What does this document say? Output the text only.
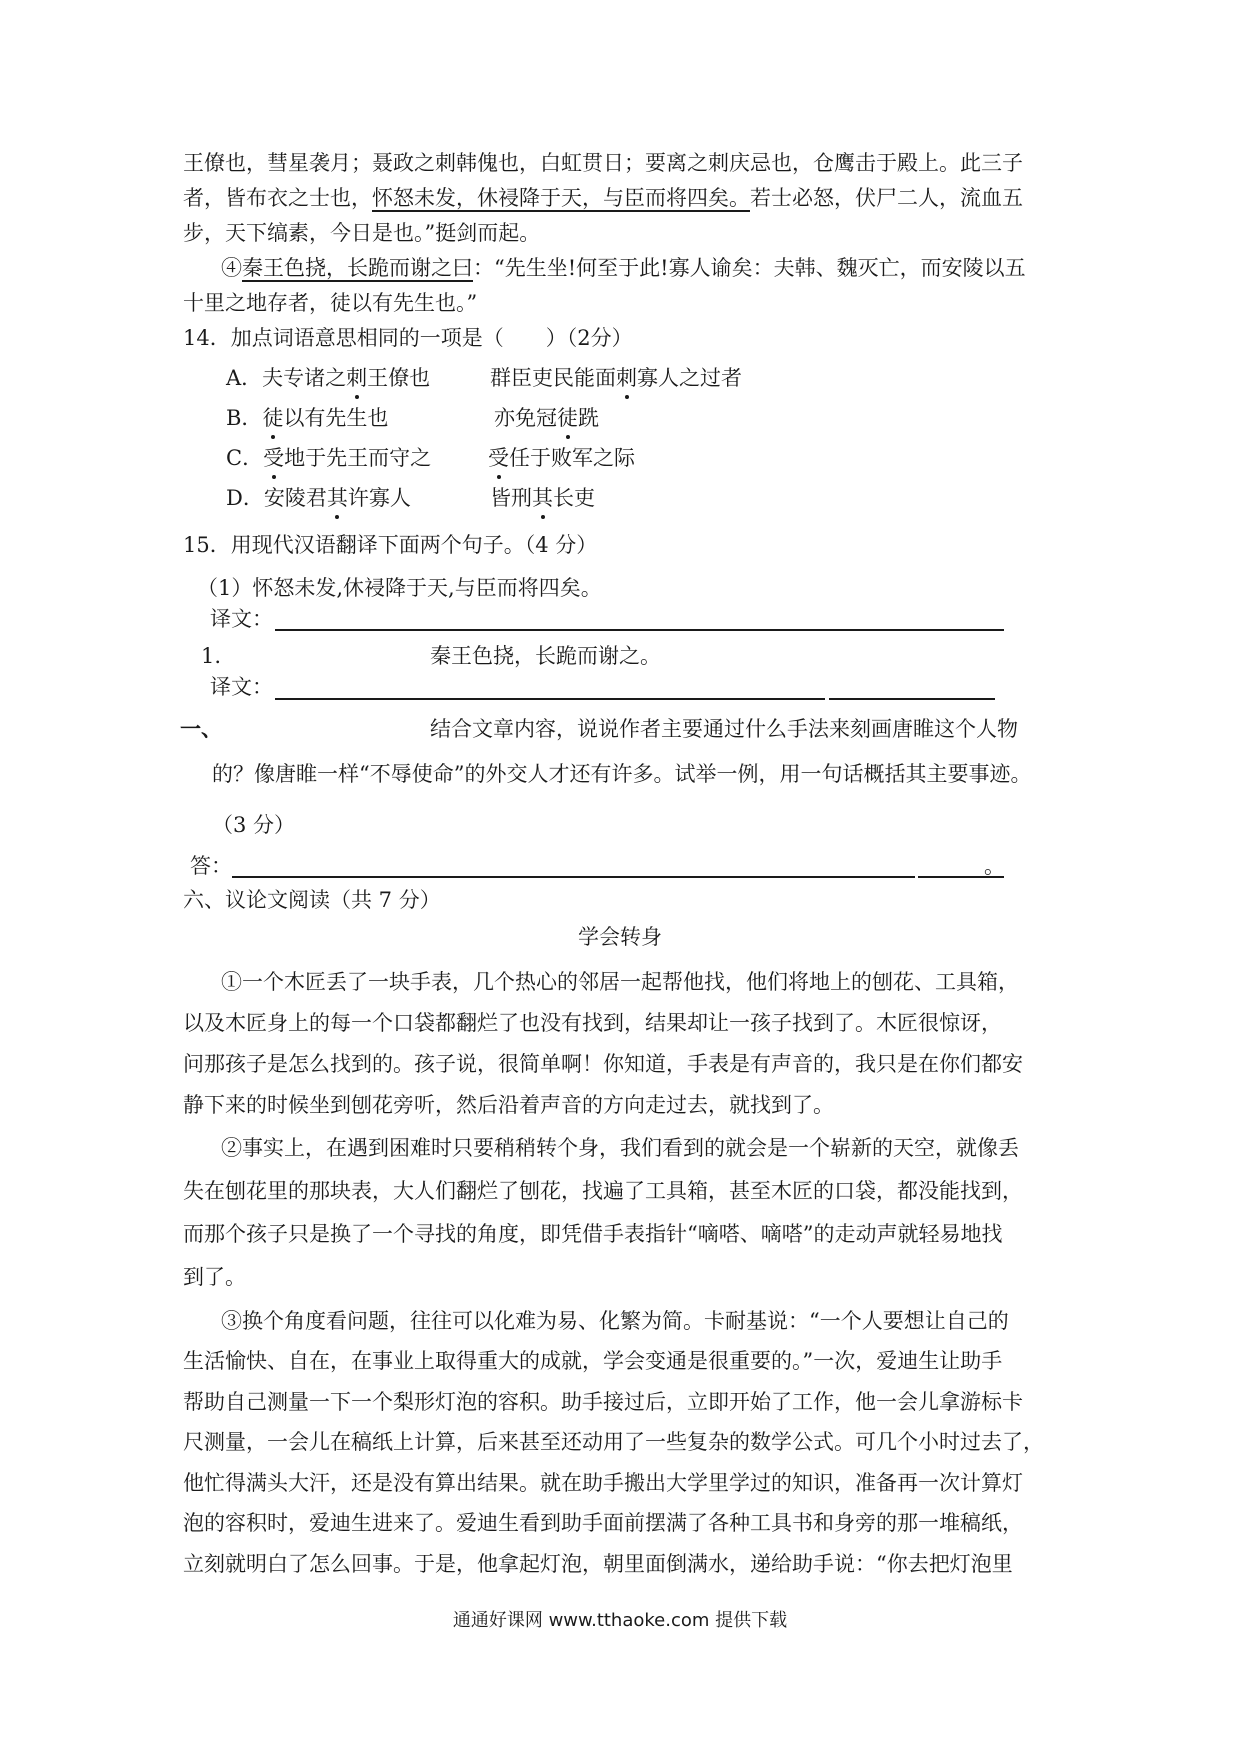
王僚也，彗星袭月；聂政之刺韩傀也，白虹贯日；要离之刺庆忌也，仓鹰击于殿上。此三子
者，皆布衣之士也，怀怒未发，休祲降于天，与臣而将四矣。若士必怒，伏尸二人，流血五
步，天下缟素，今日是也。”挺剑而起。
④秦王色挠，长跪而谢之曰：“先生坐!何至于此!寡人谕矣：夫韩、魏灭亡，而安陵以五
十里之地存者，徒以有先生也。”
14．加点词语意思相同的一项是（　　）（2分）
A．夫专诸之刺王僚也	群臣吏民能面刺寡人之过者
B．徒以有先生也	亦免冠徒跣
C．受地于先王而守之	受任于败军之际
D．安陵君其许寡人	皆刑其长吏
15．用现代汉语翻译下面两个句子。（4 分）
（1）怀怒未发,休祲降于天,与臣而将四矣。
译文：
1.	秦王色挠，长跪而谢之。
译文：
一、	结合文章内容，说说作者主要通过什么手法来刻画唐睢这个人物
的？像唐睢一样“不辱使命”的外交人才还有许多。试举一例，用一句话概括其主要事迹。
（3 分）
答：	。
六、议论文阅读（共 7 分）
学会转身
①一个木匠丢了一块手表，几个热心的邻居一起帮他找，他们将地上的刨花、工具箱，
以及木匠身上的每一个口袋都翻烂了也没有找到，结果却让一孩子找到了。木匠很惊讶，
问那孩子是怎么找到的。孩子说，很简单啊！你知道，手表是有声音的，我只是在你们都安
静下来的时候坐到刨花旁听，然后沿着声音的方向走过去，就找到了。
②事实上，在遇到困难时只要稍稍转个身，我们看到的就会是一个崭新的天空，就像丢
失在刨花里的那块表，大人们翻烂了刨花，找遍了工具箱，甚至木匠的口袋，都没能找到，
而那个孩子只是换了一个寻找的角度，即凭借手表指针“嘀嗒、嘀嗒”的走动声就轻易地找
到了。
③换个角度看问题，往往可以化难为易、化繁为简。卡耐基说：“一个人要想让自己的
生活愉快、自在，在事业上取得重大的成就，学会变通是很重要的。”一次，爱迪生让助手
帮助自己测量一下一个梨形灯泡的容积。助手接过后，立即开始了工作，他一会儿拿游标卡
尺测量，一会儿在稿纸上计算，后来甚至还动用了一些复杂的数学公式。可几个小时过去了，
他忙得满头大汗，还是没有算出结果。就在助手搬出大学里学过的知识，准备再一次计算灯
泡的容积时，爱迪生进来了。爱迪生看到助手面前摆满了各种工具书和身旁的那一堆稿纸，
立刻就明白了怎么回事。于是，他拿起灯泡，朝里面倒满水，递给助手说：“你去把灯泡里
通通好课网 www.tthaoke.com 提供下载
